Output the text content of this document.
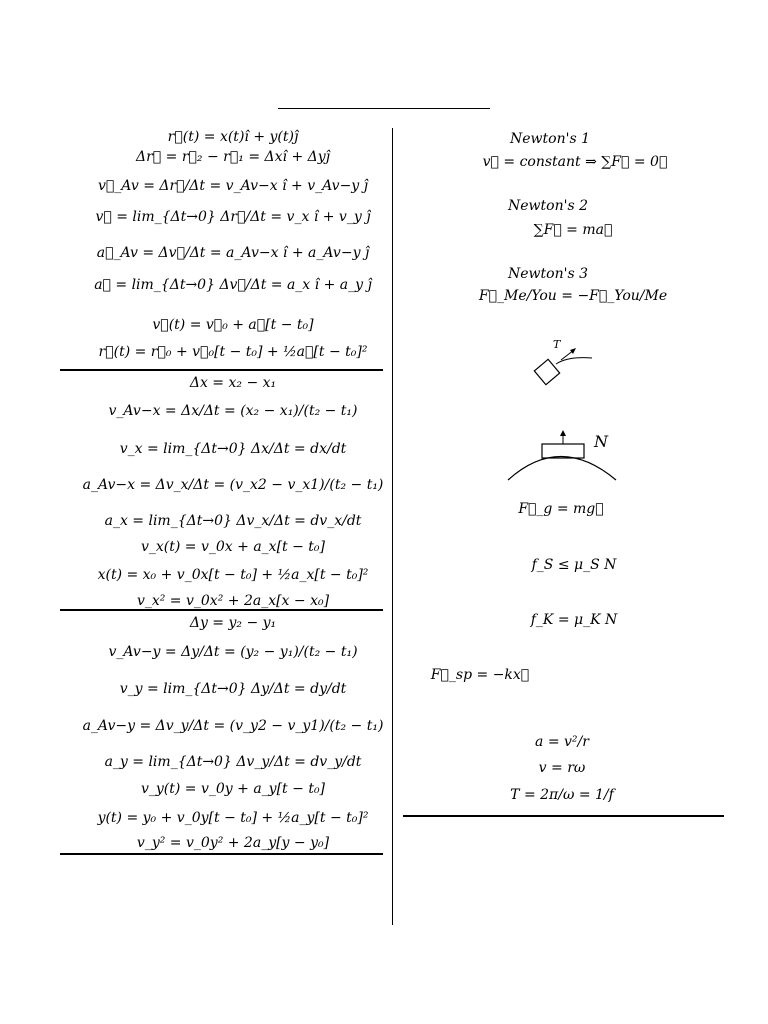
r⃗(t) = x(t)î + y(t)ĵ
Δr⃗ = r⃗₂ − r⃗₁ = Δxî + Δyĵ
v⃗_Av = Δr⃗/Δt = v_Av−x î + v_Av−y ĵ
v⃗ = lim_{Δt→0} Δr⃗/Δt = v_x î + v_y ĵ
a⃗_Av = Δv⃗/Δt = a_Av−x î + a_Av−y ĵ
a⃗ = lim_{Δt→0} Δv⃗/Δt = a_x î + a_y ĵ
v⃗(t) = v⃗₀ + a⃗[t − t₀]
r⃗(t) = r⃗₀ + v⃗₀[t − t₀] + ½a⃗[t − t₀]²
Δx = x₂ − x₁
v_Av−x = Δx/Δt = (x₂ − x₁)/(t₂ − t₁)
v_x = lim_{Δt→0} Δx/Δt = dx/dt
a_Av−x = Δv_x/Δt = (v_x2 − v_x1)/(t₂ − t₁)
a_x = lim_{Δt→0} Δv_x/Δt = dv_x/dt
v_x(t) = v_0x + a_x[t − t₀]
x(t) = x₀ + v_0x[t − t₀] + ½a_x[t − t₀]²
v_x² = v_0x² + 2a_x[x − x₀]
Δy = y₂ − y₁
v_Av−y = Δy/Δt = (y₂ − y₁)/(t₂ − t₁)
v_y = lim_{Δt→0} Δy/Δt = dy/dt
a_Av−y = Δv_y/Δt = (v_y2 − v_y1)/(t₂ − t₁)
a_y = lim_{Δt→0} Δv_y/Δt = dv_y/dt
v_y(t) = v_0y + a_y[t − t₀]
y(t) = y₀ + v_0y[t − t₀] + ½a_y[t − t₀]²
v_y² = v_0y² + 2a_y[y − y₀]
Newton's 1
v⃗ = constant ⇒ ∑F⃗ = 0⃗
Newton's 2
∑F⃗ = ma⃗
Newton's 3
F⃗_Me/You = −F⃗_You/Me
T
N
F⃗_g = mg⃗
f_S ≤ μ_S N
f_K = μ_K N
F⃗_sp = −kx⃗
a = v²/r
v = rω
T = 2π/ω = 1/f
